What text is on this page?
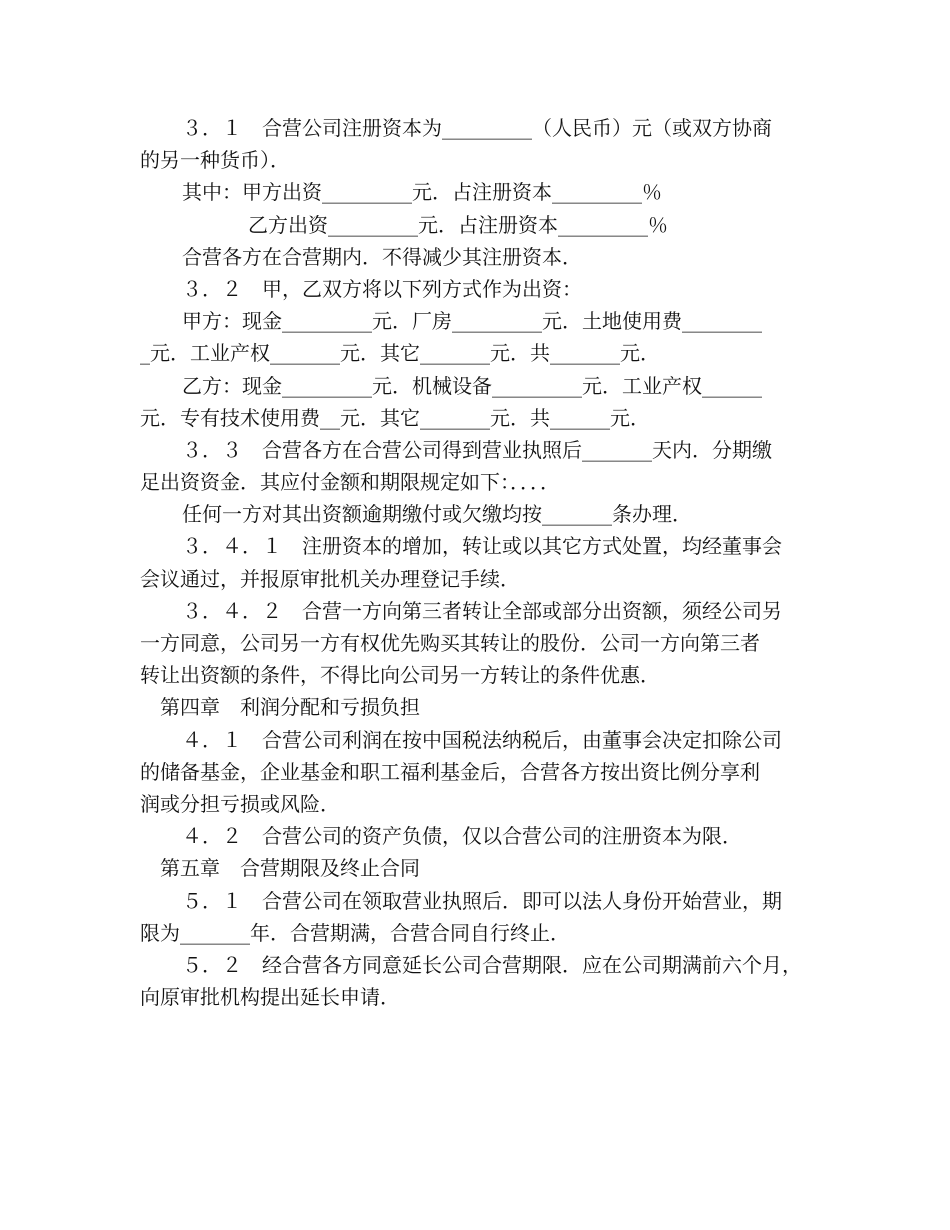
３．１　合营公司注册资本为_________（人民币）元（或双方协商
的另一种货币）．
其中：甲方出资_________元．占注册资本_________％
乙方出资_________元．占注册资本_________％
合营各方在合营期内．不得减少其注册资本．
３．２　甲，乙双方将以下列方式作为出资：
甲方：现金_________元．厂房_________元．土地使用费________
_元．工业产权_______元．其它_______元．共_______元．
乙方：现金_________元．机械设备_________元．工业产权______
元．专有技术使用费__元．其它_______元．共______元．
３．３　合营各方在合营公司得到营业执照后_______天内．分期缴
足出资资金．其应付金额和期限规定如下：．．．．
任何一方对其出资额逾期缴付或欠缴均按_______条办理．
３．４．１　注册资本的增加，转让或以其它方式处置，均经董事会
会议通过，并报原审批机关办理登记手续．
３．４．２　合营一方向第三者转让全部或部分出资额，须经公司另
一方同意，公司另一方有权优先购买其转让的股份．公司一方向第三者
转让出资额的条件，不得比向公司另一方转让的条件优惠．
第四章　利润分配和亏损负担
４．１　合营公司利润在按中国税法纳税后，由董事会决定扣除公司
的储备基金，企业基金和职工福利基金后，合营各方按出资比例分享利
润或分担亏损或风险．
４．２　合营公司的资产负债，仅以合营公司的注册资本为限．
第五章　合营期限及终止合同
５．１　合营公司在领取营业执照后．即可以法人身份开始营业，期
限为_______年．合营期满，合营合同自行终止．
５．２　经合营各方同意延长公司合营期限．应在公司期满前六个月，
向原审批机构提出延长申请．
